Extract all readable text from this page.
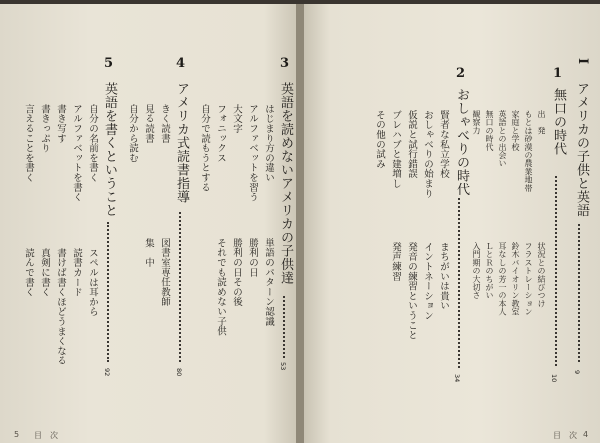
3
英語を読めないアメリカの子供達
53
はじまり方の違い
アルファベットを習う
大文字
フォニックス
自分で読もうとする
単語のパターン認識
勝利の日
勝利の日その後
それでも読めない子供
4
アメリカ式読書指導
80
きく読書
見る読書
自分から読む
図書室専任教師
集　中
5
英語を書くということ
92
自分の名前を書く
アルファベットを書く
書き写す
書きっぷり
言えることを書く
スペルは耳から
読書カード
書けば書くほどうまくなる
真剣に書く
読んで書く
5 目　次
I
アメリカの子供と英語
9
1
無口の時代
10
出　発
もとは砂漠の農業地帯
家庭と学校
英語との出会い
無口の時代
観察力
状況との結びつけ
フラストレーション
鈴木バイオリン教室
耳なしの芳一の本人
ＬとＲのちがい
入門期の大切さ
2
おしゃべりの時代
34
賢者な私立学校
おしゃべりの始まり
仮説と試行錯誤
ブレハブと建増し
その他の試み
まちがいは貴い
イントネーション
発音の練習ということ
発声練習
目　次 4
